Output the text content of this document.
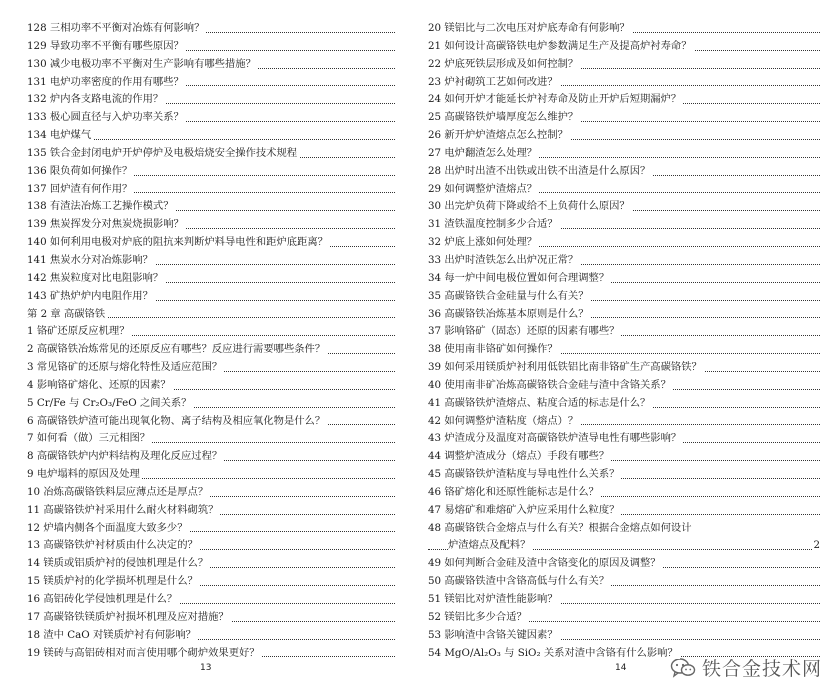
128 三相功率不平衡对冶炼有何影响？
129 导致功率不平衡有哪些原因？
130 减少电极功率不平衡对生产影响有哪些措施？
131 电炉功率密度的作用有哪些？
132 炉内各支路电流的作用？
133 极心圆直径与入炉功率关系？
134 电炉煤气
135 铁合金封闭电炉开炉停炉及电极焙烧安全操作技术规程
136 限负荷如何操作？
137 回炉渣有何作用？
138 有渣法冶炼工艺操作模式？
139 焦炭挥发分对焦炭烧损影响？
140 如何利用电极对炉底的阻抗来判断炉料导电性和距炉底距离？
141 焦炭水分对冶炼影响？
142 焦炭粒度对比电阻影响？
143 矿热炉炉内电阻作用？
第 2 章 高碳铬铁
1 铬矿还原反应机理？
2 高碳铬铁冶炼常见的还原反应有哪些？反应进行需要哪些条件？
3 常见铬矿的还原与熔化特性及适应范围？
4 影响铬矿熔化、还原的因素？
5 Cr/Fe 与 Cr₂O₃/FeO 之间关系？
6 高碳铬铁炉渣可能出现氧化物、离子结构及相应氧化物是什么？
7 如何看（做）三元相图？
8 高碳铬铁炉内炉料结构及理化反应过程？
9 电炉塌料的原因及处理
10 冶炼高碳铬铁料层应薄点还是厚点？
11 高碳铬铁炉衬采用什么耐火材料砌筑？
12 炉墙内侧各个面温度大致多少？
13 高碳铬铁炉衬材质由什么决定的？
14 镁质或铝质炉衬的侵蚀机理是什么？
15 镁质炉衬的化学损坏机理是什么？
16 高铝砖化学侵蚀机理是什么？
17 高碳铬铁镁质炉衬损坏机理及应对措施？
18 渣中 CaO 对镁质炉衬有何影响？
19 镁砖与高铝砖相对而言使用哪个砌炉效果更好？
13
20 镁铝比与二次电压对炉底寿命有何影响？
21 如何设计高碳铬铁电炉参数满足生产及提高炉衬寿命？
22 炉底死铁层形成及如何控制？
23 炉衬砌筑工艺如何改进？
24 如何开炉才能延长炉衬寿命及防止开炉后短期漏炉？
25 高碳铬铁炉墙厚度怎么维护？
26 新开炉炉渣熔点怎么控制？
27 电炉翻渣怎么处理？
28 出炉时出渣不出铁或出铁不出渣是什么原因？
29 如何调整炉渣熔点？
30 出完炉负荷下降或给不上负荷什么原因？
31 渣铁温度控制多少合适？
32 炉底上涨如何处理？
33 出炉时渣铁怎么出炉况正常？
34 每一炉中间电极位置如何合理调整？
35 高碳铬铁合金硅量与什么有关？
36 高碳铬铁冶炼基本原则是什么？
37 影响铬矿（固态）还原的因素有哪些？
38 使用南非铬矿如何操作？
39 如何采用镁质炉衬利用低铁铝比南非铬矿生产高碳铬铁？
40 使用南非矿冶炼高碳铬铁合金硅与渣中含铬关系？
41 高碳铬铁炉渣熔点、粘度合适的标志是什么？
42 如何调整炉渣粘度（熔点）？
43 炉渣成分及温度对高碳铬铁炉渣导电性有哪些影响？
44 调整炉渣成分（熔点）手段有哪些？
45 高碳铬铁炉渣粘度与导电性什么关系？
46 铬矿熔化和还原性能标志是什么？
47 易熔矿和难熔矿入炉应采用什么粒度？
48 高碳铬铁合金熔点与什么有关？根据合金熔点如何设计
炉渣熔点及配料？	2
49 如何判断合金硅及渣中含铬变化的原因及调整？
50 高碳铬铁渣中含铬高低与什么有关？
51 镁铝比对炉渣性能影响？
52 镁铝比多少合适？
53 影响渣中含铬关键因素？
54 MgO/Al₂O₃ 与 SiO₂ 关系对渣中含铬有什么影响？
14	铁合金技术网
